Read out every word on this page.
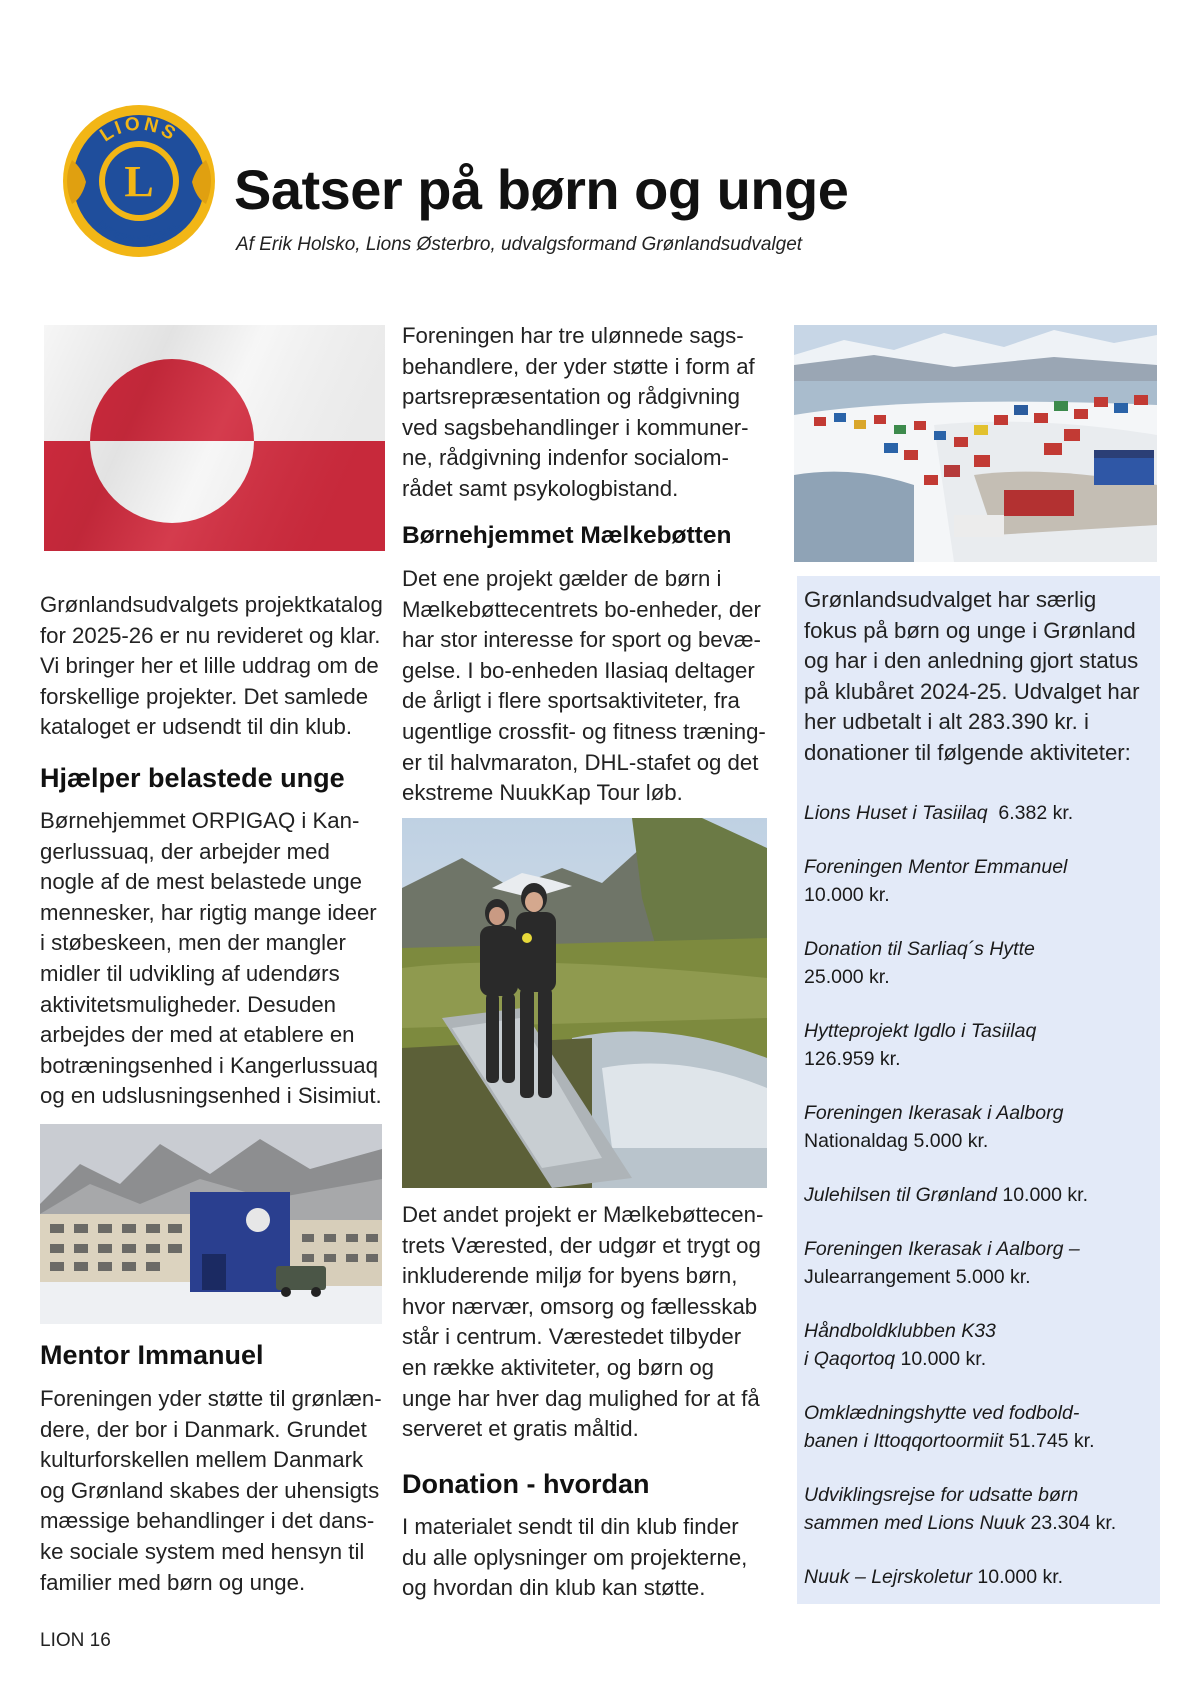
LIONS
INTERNATIONAL
L Satser på børn og unge
Af Erik Holsko, Lions Østerbro, udvalgsformand Grønlandsudvalget

Grønlandsudvalgets projektkatalog

for 2025-26 er nu revideret og klar.

Vi bringer her et lille uddrag om de

forskellige projekter. Det samlede

kataloget er udsendt til din klub.

Hjælper belastede unge

Børnehjemmet ORPIGAQ i Kan-

gerlussuaq, der arbejder med

nogle af de mest belastede unge

mennesker, har rigtig mange ideer

i støbeskeen, men der mangler

midler til udvikling af udendørs

aktivitetsmuligheder. Desuden

arbejdes der med at etablere en

botræningsenhed i Kangerlussuaq

og en udslusningsenhed i Sisimiut.

Mentor Immanuel

Foreningen yder støtte til grønlæn-

dere, der bor i Danmark. Grundet

kulturforskellen mellem Danmark

og Grønland skabes der uhensigts

mæssige behandlinger i det dans-

ke sociale system med hensyn til

familier med børn og unge.

Foreningen har tre ulønnede sags-

behandlere, der yder støtte i form af

partsrepræsentation og rådgivning

ved sagsbehandlinger i kommuner-

ne, rådgivning indenfor socialom-

rådet samt psykologbistand.

Børnehjemmet Mælkebøtten

Det ene projekt gælder de børn i

Mælkebøttecentrets bo-enheder, der

har stor interesse for sport og bevæ-

gelse. I bo-enheden Ilasiaq deltager

de årligt i flere sportsaktiviteter, fra

ugentlige crossfit- og fitness træning-

er til halvmaraton, DHL-stafet og det

ekstreme NuukKap Tour løb.

Det andet projekt er Mælkebøttecen-

trets Værested, der udgør et trygt og

inkluderende miljø for byens børn,

hvor nærvær, omsorg og fællesskab

står i centrum. Værestedet tilbyder

en række aktiviteter, og børn og

unge har hver dag mulighed for at få

serveret et gratis måltid.

Donation - hvordan

I materialet sendt til din klub finder

du alle oplysninger om projekterne,

og hvordan din klub kan støtte.

Grønlandsudvalget har særlig

fokus på børn og unge i Grønland

og har i den anledning gjort status

på klubåret 2024-25. Udvalget har

her udbetalt i alt 283.390 kr. i

donationer til følgende aktiviteter:

Lions Huset i Tasiilaq  6.382 kr.
Foreningen Mentor Emmanuel
10.000 kr.
Donation til Sarliaq´s Hytte
25.000 kr.
Hytteprojekt Igdlo i Tasiilaq
126.959 kr.
Foreningen Ikerasak i Aalborg
Nationaldag 5.000 kr.
Julehilsen til Grønland 10.000 kr.
Foreningen Ikerasak i Aalborg –
Julearrangement 5.000 kr.
Håndboldklubben K33
i Qaqortoq 10.000 kr.
Omklædningshytte ved fodbold-
banen i Ittoqqortoormiit 51.745 kr.
Udviklingsrejse for udsatte børn
sammen med Lions Nuuk 23.304 kr.
Nuuk – Lejrskoletur 10.000 kr.
LION 16
